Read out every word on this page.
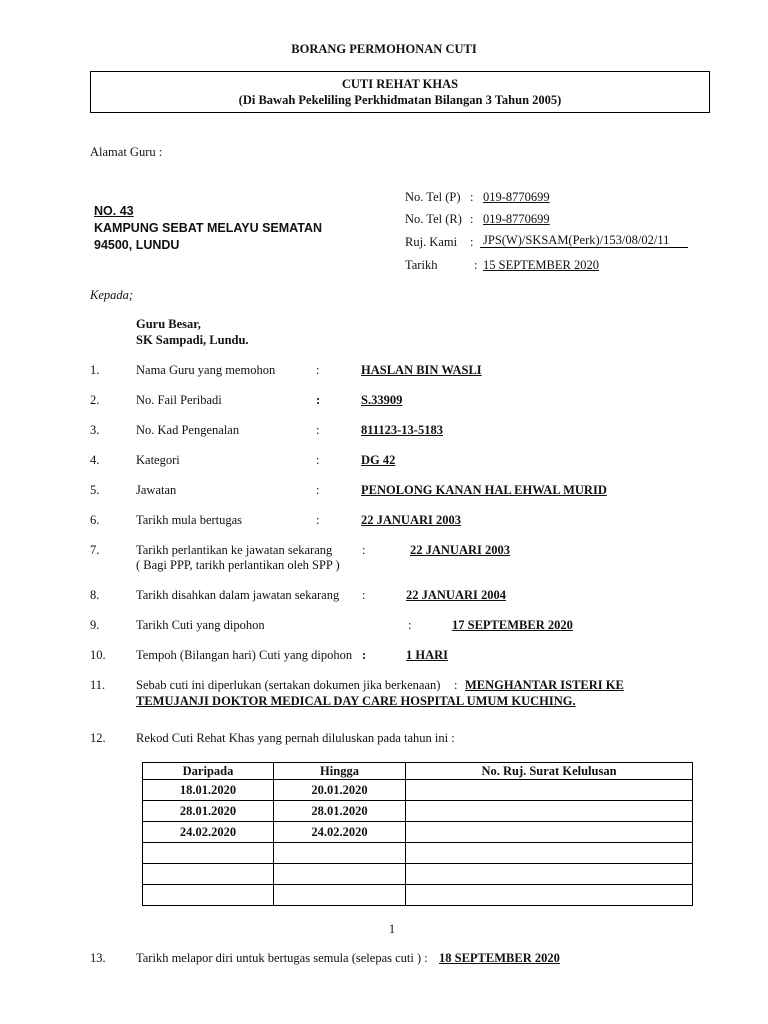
BORANG PERMOHONAN CUTI
CUTI REHAT KHAS
(Di Bawah Pekeliling Perkhidmatan Bilangan 3 Tahun 2005)
Alamat Guru :
NO. 43
KAMPUNG SEBAT MELAYU SEMATAN
94500, LUNDU
No. Tel (P) : 019-8770699
No. Tel (R) : 019-8770699
Ruj. Kami : JPS(W)/SKSAM(Perk)/153/08/02/11
Tarikh	: 15 SEPTEMBER 2020
Kepada;
Guru Besar,
SK Sampadi, Lundu.
1.	Nama Guru yang memohon	:	HASLAN BIN WASLI
2.	No. Fail Peribadi	:	S.33909
3.	No. Kad Pengenalan	:	811123-13-5183
4.	Kategori	:	DG 42
5.	Jawatan	:	PENOLONG KANAN HAL EHWAL MURID
6.	Tarikh mula bertugas	:	22 JANUARI 2003
7.	Tarikh perlantikan ke jawatan sekarang
( Bagi PPP, tarikh perlantikan oleh SPP )
:	22 JANUARI 2003
8.	Tarikh disahkan dalam jawatan sekarang :	22 JANUARI 2004
9.	Tarikh Cuti yang dipohon	:	17 SEPTEMBER 2020
10. Tempoh (Bilangan hari) Cuti yang dipohon :	1 HARI
11. Sebab cuti ini diperlukan (sertakan dokumen jika berkenaan) : MENGHANTAR ISTERI KE
TEMUJANJI DOKTOR MEDICAL DAY CARE HOSPITAL UMUM KUCHING.
12. Rekod Cuti Rehat Khas yang pernah diluluskan pada tahun ini :
Daripada	Hingga	No. Ruj. Surat Kelulusan
18.01.2020	20.01.2020	
28.01.2020	28.01.2020	
24.02.2020	24.02.2020	

1
13. Tarikh melapor diri untuk bertugas semula (selepas cuti ) : 18 SEPTEMBER 2020
